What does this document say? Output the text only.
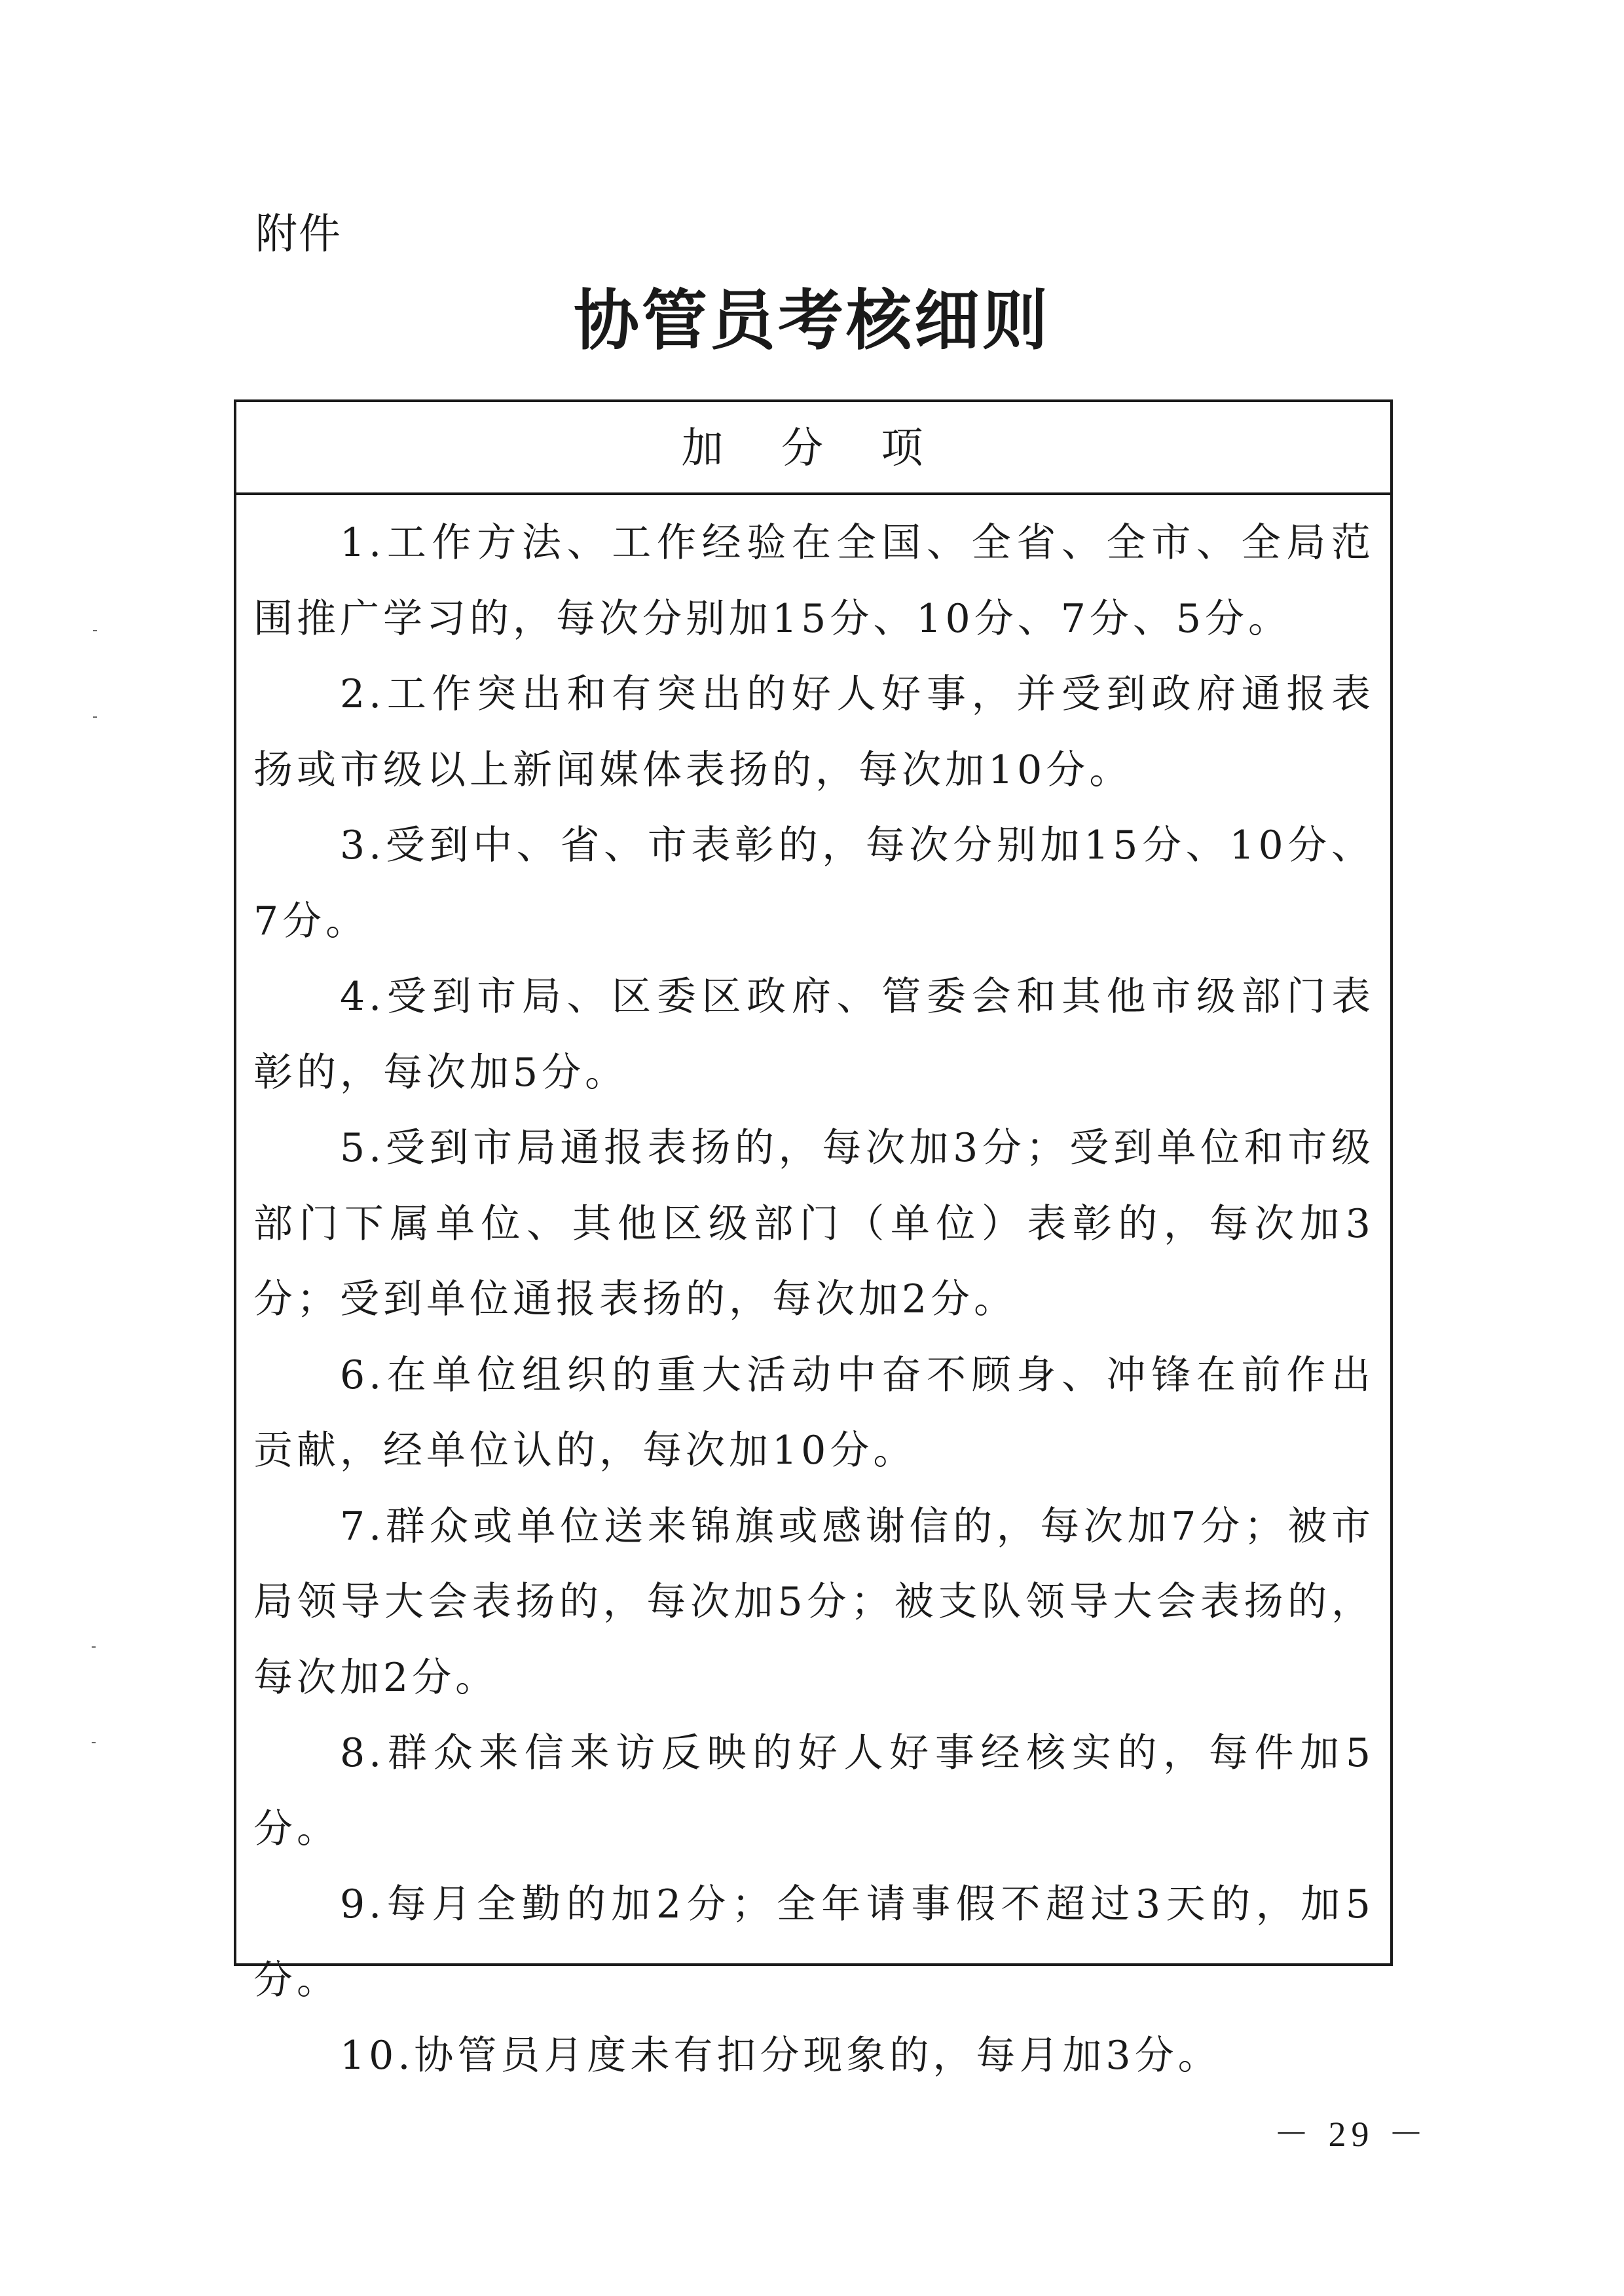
附件
协管员考核细则
加 分 项

1.工作方法、工作经验在全国、全省、全市、全局范围推广学习的，每次分别加15分、10分、7分、5分。

2.工作突出和有突出的好人好事，并受到政府通报表扬或市级以上新闻媒体表扬的，每次加10分。

3.受到中、省、市表彰的，每次分别加15分、10分、7分。

4.受到市局、区委区政府、管委会和其他市级部门表彰的，每次加5分。

5.受到市局通报表扬的，每次加3分；受到单位和市级部门下属单位、其他区级部门（单位）表彰的，每次加3分；受到单位通报表扬的，每次加2分。

6.在单位组织的重大活动中奋不顾身、冲锋在前作出贡献，经单位认的，每次加10分。

7.群众或单位送来锦旗或感谢信的，每次加7分；被市局领导大会表扬的，每次加5分；被支队领导大会表扬的，每次加2分。

8.群众来信来访反映的好人好事经核实的，每件加5分。

9.每月全勤的加2分；全年请事假不超过3天的，加5分。

10.协管员月度未有扣分现象的，每月加3分。

－ 29 －
